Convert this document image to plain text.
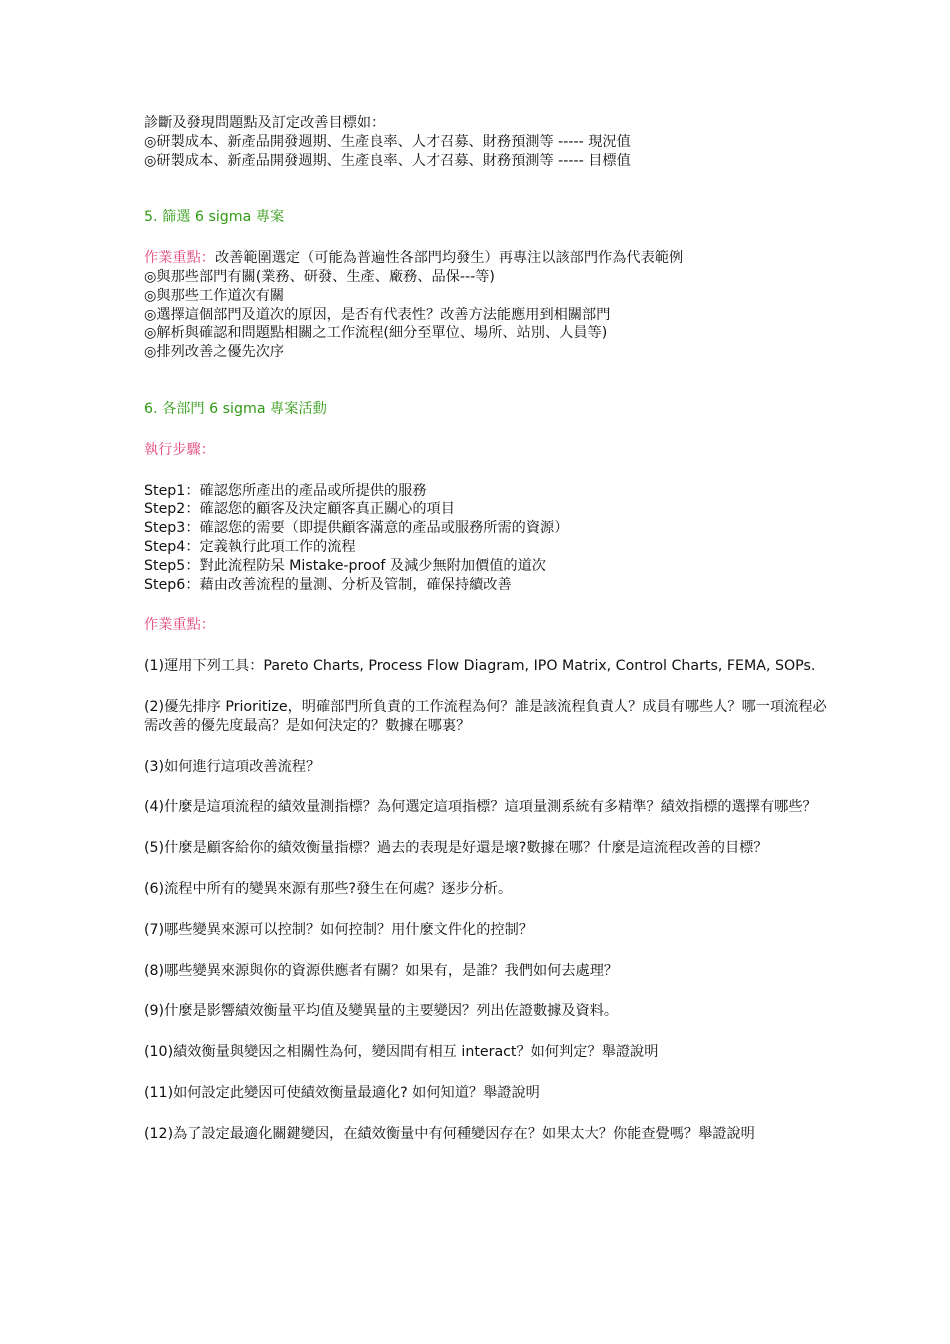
診斷及發現問題點及訂定改善目標如：
◎研製成本、新產品開發週期、生產良率、人才召募、財務預測等 ----- 現況值
◎研製成本、新產品開發週期、生產良率、人才召募、財務預測等 ----- 目標值
5. 篩選 6 sigma 專案
作業重點：改善範圍選定（可能為普遍性各部門均發生）再專注以該部門作為代表範例
◎與那些部門有關(業務、研發、生產、廠務、品保---等)
◎與那些工作道次有關
◎選擇這個部門及道次的原因，是否有代表性？改善方法能應用到相關部門
◎解析與確認和問題點相關之工作流程(細分至單位、場所、站別、人員等)
◎排列改善之優先次序
6. 各部門 6 sigma 專案活動
執行步驟：
Step1：確認您所產出的產品或所提供的服務
Step2：確認您的顧客及決定顧客真正關心的項目
Step3：確認您的需要（即提供顧客滿意的產品或服務所需的資源）
Step4：定義執行此項工作的流程
Step5：對此流程防呆 Mistake-proof 及減少無附加價值的道次
Step6：藉由改善流程的量測、分析及管制，確保持續改善
作業重點：
(1)運用下列工具：Pareto Charts, Process Flow Diagram, IPO Matrix, Control Charts, FEMA, SOPs.
(2)優先排序 Prioritize，明確部門所負責的工作流程為何？誰是該流程負責人？成員有哪些人？哪一項流程必需改善的優先度最高？是如何決定的？數據在哪裏？
(3)如何進行這項改善流程？
(4)什麼是這項流程的績效量測指標？為何選定這項指標？這項量測系統有多精準？績效指標的選擇有哪些？
(5)什麼是顧客給你的績效衡量指標？過去的表現是好還是壞?數據在哪？什麼是這流程改善的目標？
(6)流程中所有的變異來源有那些?發生在何處？逐步分析。
(7)哪些變異來源可以控制？如何控制？用什麼文件化的控制？
(8)哪些變異來源與你的資源供應者有關？如果有，是誰？我們如何去處理？
(9)什麼是影響績效衡量平均值及變異量的主要變因？列出佐證數據及資料。
(10)績效衡量與變因之相關性為何，變因間有相互 interact？如何判定？舉證說明
(11)如何設定此變因可使績效衡量最適化? 如何知道？舉證說明
(12)為了設定最適化關鍵變因，在績效衡量中有何種變因存在？如果太大？你能查覺嗎？舉證說明
